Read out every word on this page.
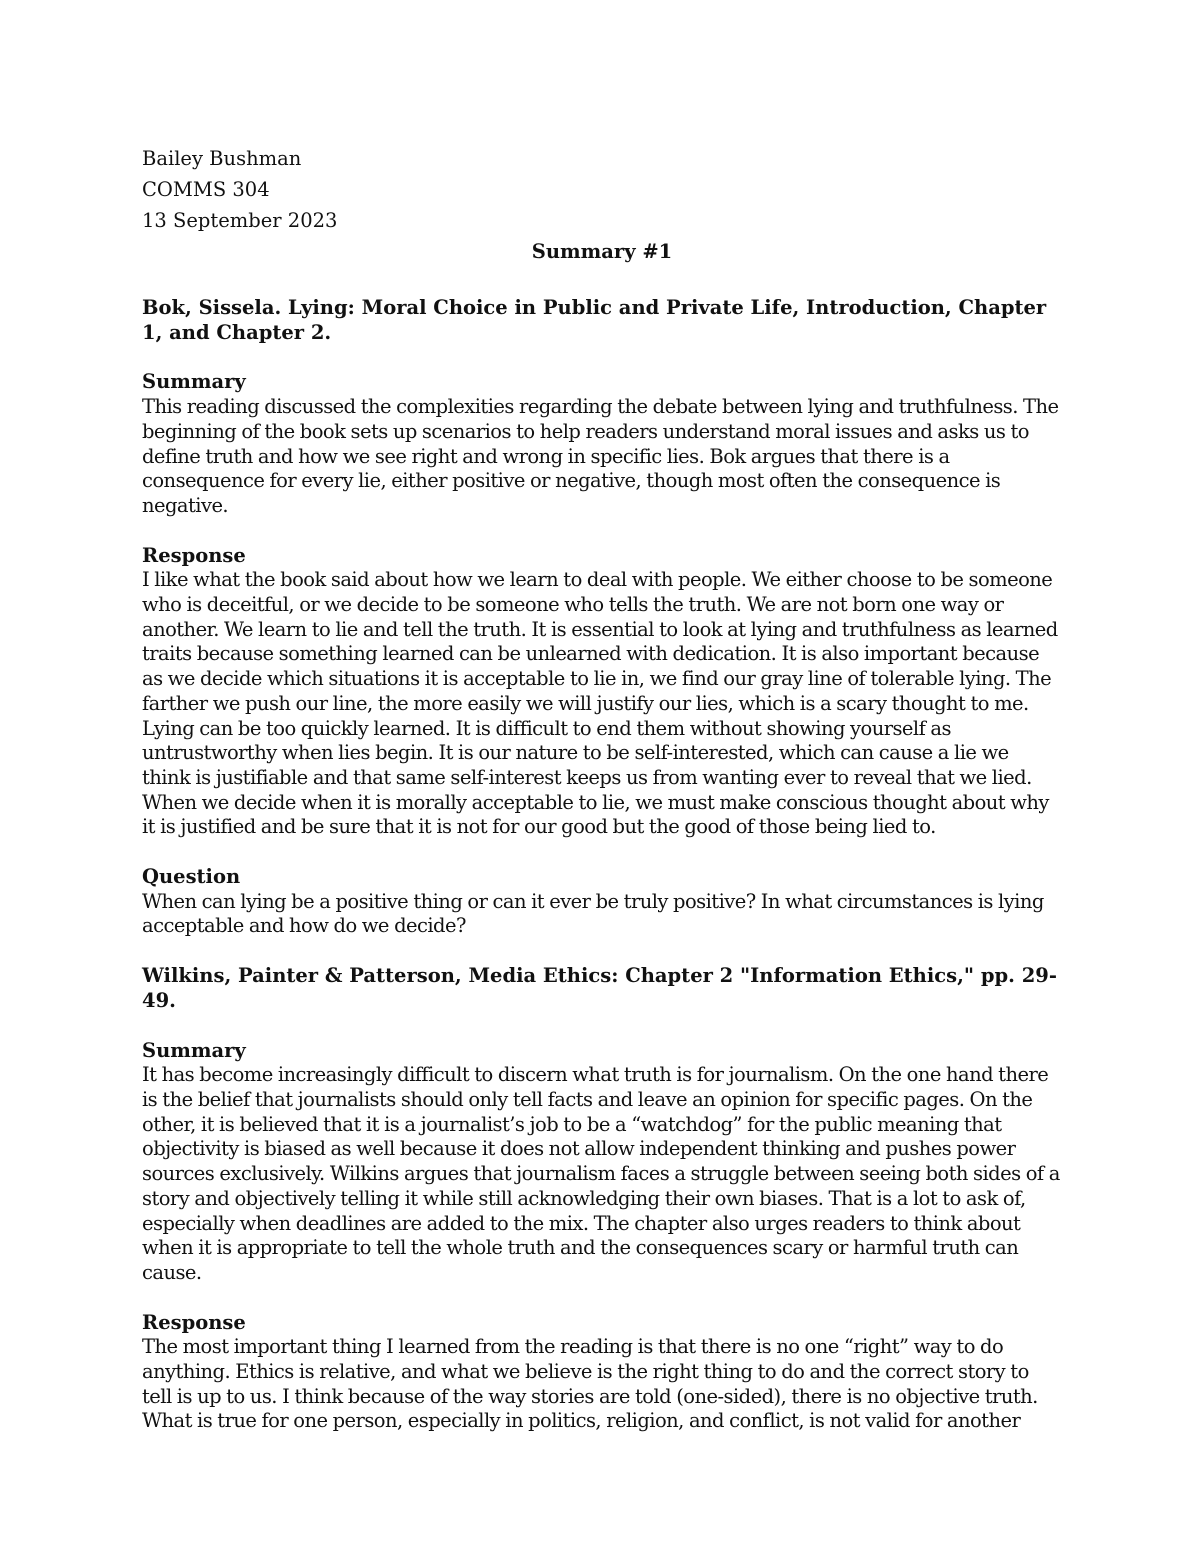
Bailey Bushman
COMMS 304
13 September 2023
Summary #1
Bok, Sissela. Lying: Moral Choice in Public and Private Life, Introduction, Chapter 1, and Chapter 2.
Summary

This reading discussed the complexities regarding the debate between lying and truthfulness. The beginning of the book sets up scenarios to help readers understand moral issues and asks us to define truth and how we see right and wrong in specific lies. Bok argues that there is a consequence for every lie, either positive or negative, though most often the consequence is negative.

Response

I like what the book said about how we learn to deal with people. We either choose to be someone who is deceitful, or we decide to be someone who tells the truth. We are not born one way or another. We learn to lie and tell the truth. It is essential to look at lying and truthfulness as learned traits because something learned can be unlearned with dedication. It is also important because as we decide which situations it is acceptable to lie in, we find our gray line of tolerable lying. The farther we push our line, the more easily we will justify our lies, which is a scary thought to me. Lying can be too quickly learned. It is difficult to end them without showing yourself as untrustworthy when lies begin. It is our nature to be self-interested, which can cause a lie we think is justifiable and that same self-interest keeps us from wanting ever to reveal that we lied. When we decide when it is morally acceptable to lie, we must make conscious thought about why it is justified and be sure that it is not for our good but the good of those being lied to.

Question

When can lying be a positive thing or can it ever be truly positive? In what circumstances is lying acceptable and how do we decide?

Wilkins, Painter & Patterson, Media Ethics: Chapter 2 "Information Ethics," pp. 29-49.
Summary

It has become increasingly difficult to discern what truth is for journalism. On the one hand there is the belief that journalists should only tell facts and leave an opinion for specific pages. On the other, it is believed that it is a journalist’s job to be a “watchdog” for the public meaning that objectivity is biased as well because it does not allow independent thinking and pushes power sources exclusively. Wilkins argues that journalism faces a struggle between seeing both sides of a story and objectively telling it while still acknowledging their own biases. That is a lot to ask of, especially when deadlines are added to the mix. The chapter also urges readers to think about when it is appropriate to tell the whole truth and the consequences scary or harmful truth can cause.

Response

The most important thing I learned from the reading is that there is no one “right” way to do anything. Ethics is relative, and what we believe is the right thing to do and the correct story to tell is up to us. I think because of the way stories are told (one-sided), there is no objective truth. What is true for one person, especially in politics, religion, and conflict, is not valid for another
